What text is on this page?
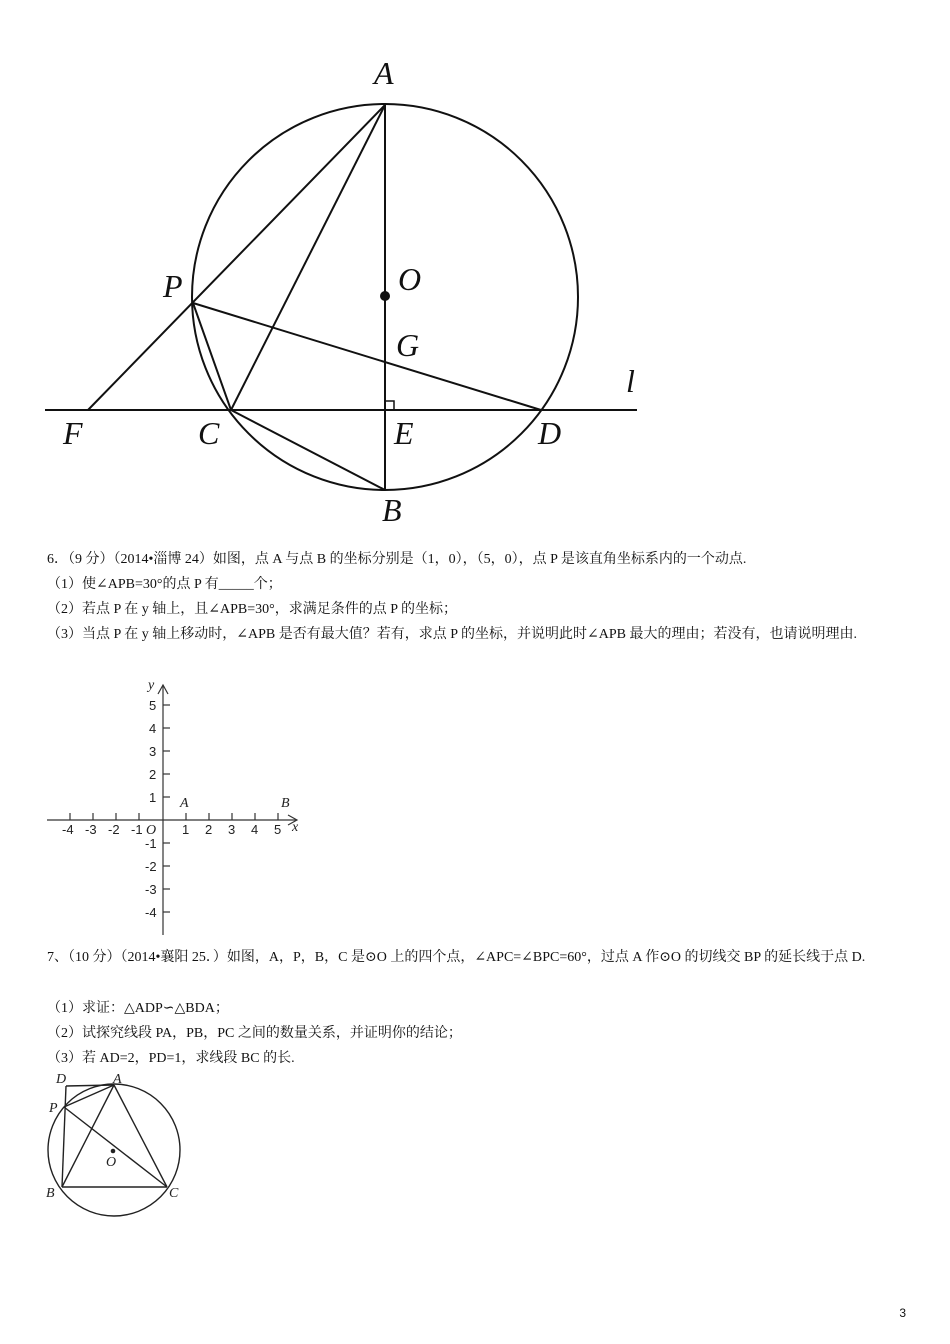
A
O
P
G
l
F	C	E	D
B
6．（9 分）（2014•淄博 24）如图，点 A 与点 B 的坐标分别是（1，0），（5，0），点 P 是该直角坐标系内的一个动点.
（1）使∠APB=30°的点 P 有_____个；
（2）若点 P 在 y 轴上，且∠APB=30°，求满足条件的点 P 的坐标；
（3）当点 P 在 y 轴上移动时，∠APB 是否有最大值？若有，求点 P 的坐标，并说明此时∠APB 最大的理由；若没有，也请说明理由.
5
4
3
2
1
-1
-2
-3
-4
-4 -3 -2 -1	1 2 3 4 5
O
y
x
A	B
7、（10 分）（2014•襄阳 25．）如图，A，P，B，C 是⊙O 上的四个点，∠APC=∠BPC=60°，过点 A 作⊙O 的切线交 BP 的延长线于点 D.
（1）求证：△ADP∽△BDA；
（2）试探究线段 PA，PB，PC 之间的数量关系，并证明你的结论；
（3）若 AD=2，PD=1，求线段 BC 的长.
D	A
P
O
B	C
3
